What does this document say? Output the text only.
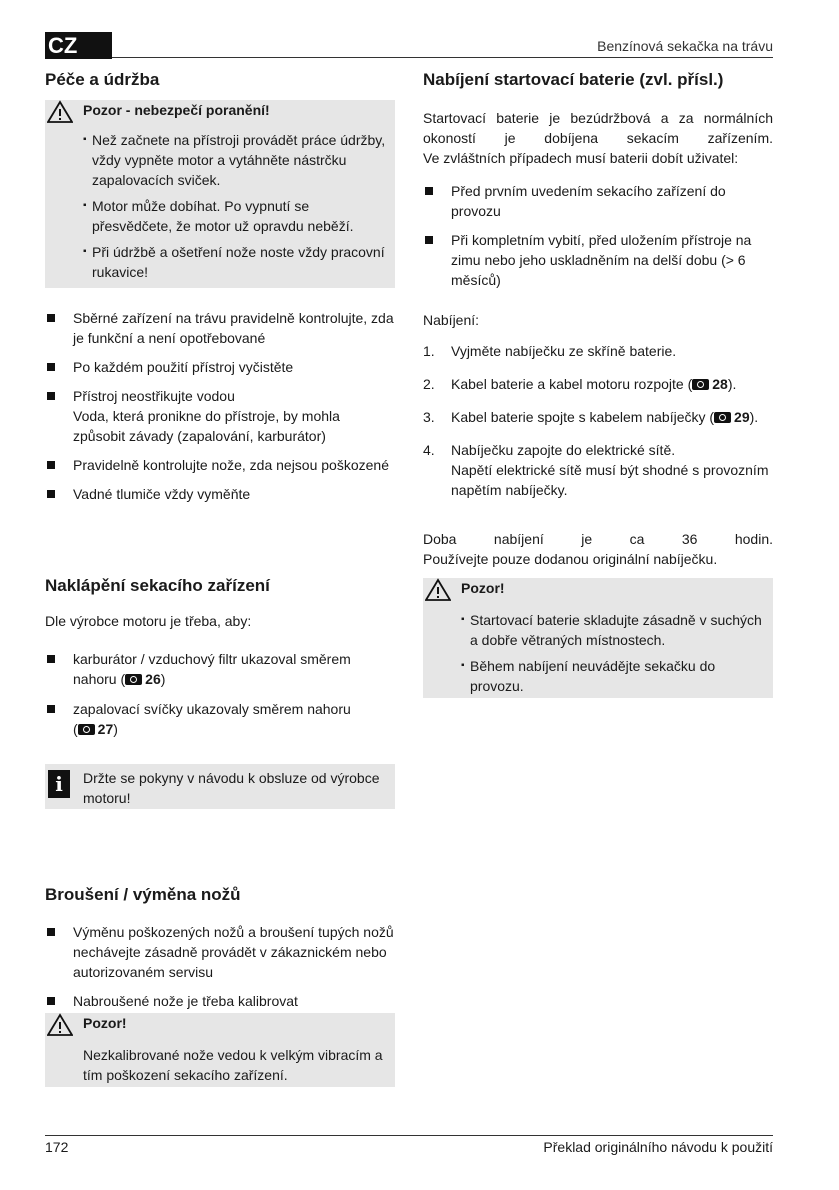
CZ	Benzínová sekačka na trávu
Péče a údržba
Pozor - nebezpečí poranění!
▪ Než začnete na přístroji provádět práce údržby, vždy vypněte motor a vytáhněte nástrčku zapalovacích sviček.
▪ Motor může dobíhat. Po vypnutí se přesvědčete, že motor už opravdu neběží.
▪ Při údržbě a ošetření nože noste vždy pracovní rukavice!
Sběrné zařízení na trávu pravidelně kontrolujte, zda je funkční a není opotřebované
Po každém použití přístroj vyčistěte
Přístroj neostřikujte vodou
Voda, která pronikne do přístroje, by mohla způsobit závady (zapalování, karburátor)
Pravidelně kontrolujte nože, zda nejsou poškozené
Vadné tlumiče vždy vyměňte
Naklápění sekacího zařízení
Dle výrobce motoru je třeba, aby:
karburátor / vzduchový filtr ukazoval směrem nahoru ( 26)
zapalovací svíčky ukazovaly směrem nahoru
( 27)
i	Držte se pokyny v návodu k obsluze od výrobce motoru!
Broušení / výměna nožů
Výměnu poškozených nožů a broušení tupých nožů nechávejte zásadně provádět v zákaznickém nebo autorizovaném servisu
Nabroušené nože je třeba kalibrovat
Pozor!
Nezkalibrované nože vedou k velkým vibracím a tím poškození sekacího zařízení.
Nabíjení startovací baterie (zvl. přísl.)
Startovací baterie je bezúdržbová a za normálních
okoností je dobíjena sekacím zařízením.
Ve zvláštních případech musí baterii dobít uživatel:
Před prvním uvedením sekacího zařízení do provozu
Při kompletním vybití, před uložením přístroje na zimu nebo jeho uskladněním na delší dobu (> 6 měsíců)
Nabíjení:
1. Vyjměte nabíječku ze skříně baterie.
2. Kabel baterie a kabel motoru rozpojte ( 28).
3. Kabel baterie spojte s kabelem nabíječky ( 29).
4. Nabíječku zapojte do elektrické sítě.
Napětí elektrické sítě musí být shodné s provozním napětím nabíječky.
Doba nabíjení je ca 36 hodin.
Používejte pouze dodanou originální nabíječku.
Pozor!
▪ Startovací baterie skladujte zásadně v suchých a dobře větraných místnostech.
▪ Během nabíjení neuvádějte sekačku do provozu.
172	Překlad originálního návodu k použití
